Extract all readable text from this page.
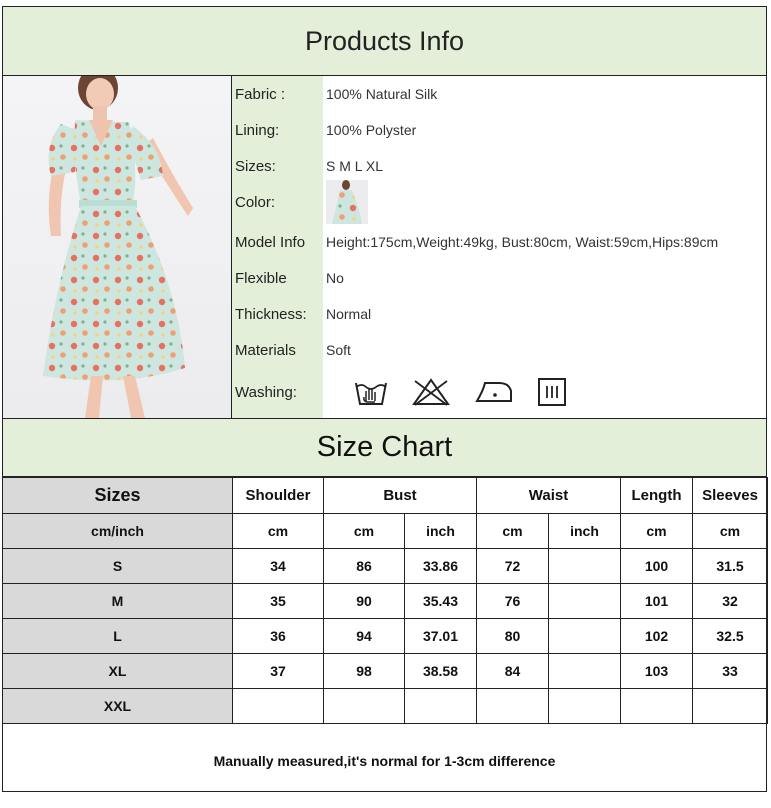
Products Info
Fabric :	100% Natural Silk
Lining:	100% Polyster
Sizes:	S M L XL
Color:
Model Info	Height:175cm,Weight:49kg, Bust:80cm, Waist:59cm,Hips:89cm
Flexible	No
Thickness:	Normal
Materials	Soft
Washing:
Size Chart
Sizes	Shoulder	Bust		Waist		Length	Sleeves
cm/inch	cm	cm	inch	cm	inch	cm	cm
S	34	86	33.86	72		100	31.5
M	35	90	35.43	76		101	32
L	36	94	37.01	80		102	32.5
XL	37	98	38.58	84		103	33
XXL							
Manually measured,it's normal for 1-3cm difference
